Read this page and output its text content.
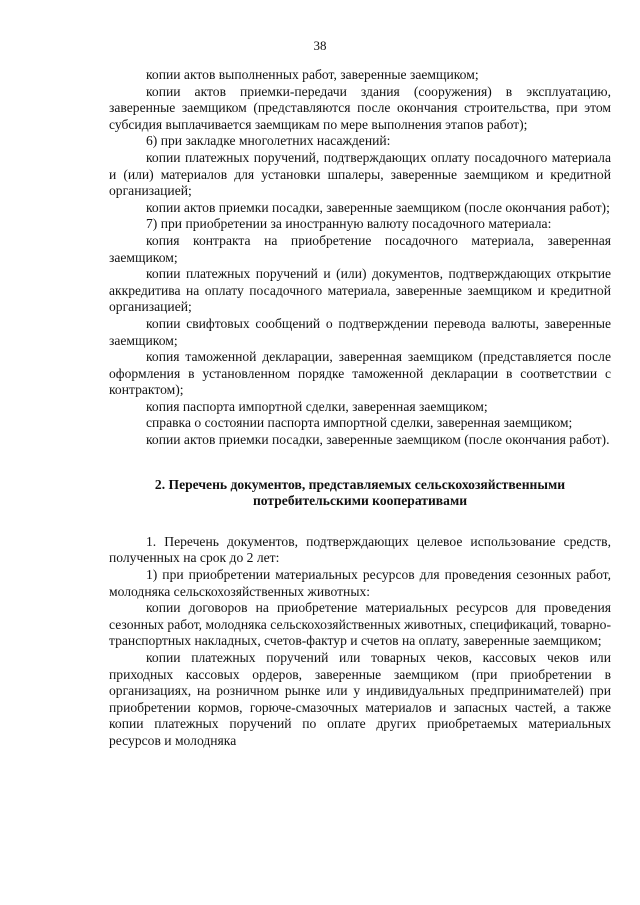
38

копии актов выполненных работ, заверенные заемщиком;

копии актов приемки-передачи здания (сооружения) в эксплуатацию, заверенные заемщиком (представляются после окончания строительства, при этом субсидия выплачивается заемщикам по мере выполнения этапов работ);

6) при закладке многолетних насаждений:

копии платежных поручений, подтверждающих оплату посадочного материала и (или) материалов для установки шпалеры, заверенные заемщиком и кредитной организацией;

копии актов приемки посадки, заверенные заемщиком (после окончания работ);

7) при приобретении за иностранную валюту посадочного материала:

копия контракта на приобретение посадочного материала, заверенная заемщиком;

копии платежных поручений и (или) документов, подтверждающих открытие аккредитива на оплату посадочного материала, заверенные заемщиком и кредитной организацией;

копии свифтовых сообщений о подтверждении перевода валюты, заверенные заемщиком;

копия таможенной декларации, заверенная заемщиком (представляется после оформления в установленном порядке таможенной декларации в соответствии с контрактом);

копия паспорта импортной сделки, заверенная заемщиком;

справка о состоянии паспорта импортной сделки, заверенная заемщиком;

копии актов приемки посадки, заверенные заемщиком (после окончания работ).

2. Перечень документов, представляемых сельскохозяйственными
потребительскими кооперативами

1. Перечень документов, подтверждающих целевое использование средств, полученных на срок до 2 лет:

1) при приобретении материальных ресурсов для проведения сезонных работ, молодняка сельскохозяйственных животных:

копии договоров на приобретение материальных ресурсов для проведения сезонных работ, молодняка сельскохозяйственных животных, спецификаций, товарно-транспортных накладных, счетов-фактур и счетов на оплату, заверенные заемщиком;

копии платежных поручений или товарных чеков, кассовых чеков или приходных кассовых ордеров, заверенные заемщиком (при приобретении в организациях, на розничном рынке или у индивидуальных предпринимателей) при приобретении кормов, горюче-смазочных материалов и запасных частей, а также копии платежных поручений по оплате других приобретаемых материальных ресурсов и молодняка
